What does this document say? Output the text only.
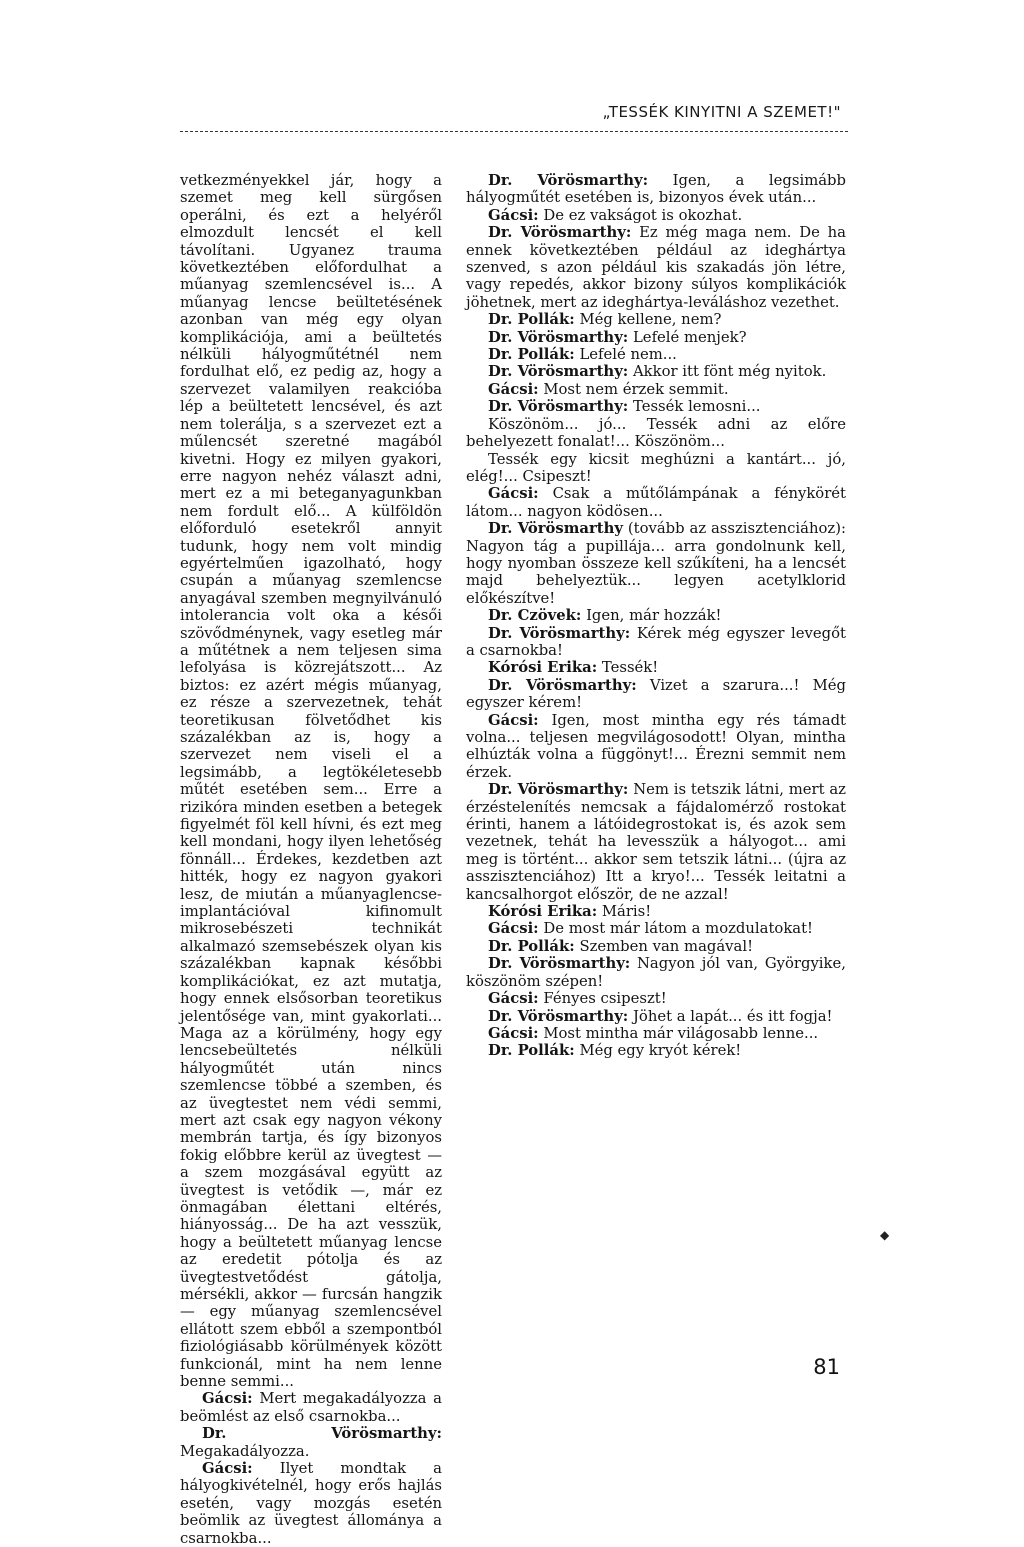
„TESSÉK KINYITNI A SZEMET!"

vetkezményekkel jár, hogy a szemet meg kell sürgősen operálni, és ezt a helyéről elmozdult lencsét el kell távolítani. Ugyanez trauma következtében előfordulhat a műanyag szemlencsével is... A műanyag lencse beültetésének azonban van még egy olyan komplikációja, ami a beültetés nélküli hályogműtétnél nem fordulhat elő, ez pedig az, hogy a szervezet valamilyen reakcióba lép a beültetett lencsével, és azt nem tolerálja, s a szervezet ezt a műlencsét szeretné magából kivetni. Hogy ez milyen gyakori, erre nagyon nehéz választ adni, mert ez a mi beteganyagunkban nem fordult elő... A külföldön előforduló esetekről annyit tudunk, hogy nem volt mindig egyértelműen igazolható, hogy csupán a műanyag szemlencse anyagával szemben megnyilvánuló intolerancia volt oka a késői szövődménynek, vagy esetleg már a műtétnek a nem teljesen sima lefolyása is közrejátszott... Az biztos: ez azért mégis műanyag, ez része a szervezetnek, tehát teoretikusan fölvetődhet kis százalékban az is, hogy a szervezet nem viseli el a legsimább, a legtökéletesebb műtét esetében sem... Erre a rizikóra minden esetben a betegek figyelmét föl kell hívni, és ezt meg kell mondani, hogy ilyen lehetőség fönnáll... Érdekes, kezdetben azt hitték, hogy ez nagyon gyakori lesz, de miután a műanyaglencse-implantációval kifinomult mikrosebészeti technikát alkalmazó szemsebészek olyan kis százalékban kapnak későbbi komplikációkat, ez azt mutatja, hogy ennek elsősorban teoretikus jelentősége van, mint gyakorlati... Maga az a körülmény, hogy egy lencsebeültetés nélküli hályogműtét után nincs szemlencse többé a szemben, és az üvegtestet nem védi semmi, mert azt csak egy nagyon vékony membrán tartja, és így bizonyos fokig előbbre kerül az üvegtest — a szem mozgásával együtt az üvegtest is vetődik —, már ez önmagában élettani eltérés, hiányosság... De ha azt vesszük, hogy a beültetett műanyag lencse az eredetit pótolja és az üvegtestvetődést gátolja, mérsékli, akkor — furcsán hangzik — egy műanyag szemlencsével ellátott szem ebből a szempontból fiziológiásabb körülmények között funkcionál, mint ha nem lenne benne semmi...

Gácsi: Mert megakadályozza a beömlést az első csarnokba...

Dr. Vörösmarthy: Megakadályozza.

Gácsi: Ilyet mondtak a hályogkivételnél, hogy erős hajlás esetén, vagy mozgás esetén beömlik az üvegtest állománya a csarnokba...

Dr. Vörösmarthy: Igen, a legsimább hályogműtét esetében is, bizonyos évek után...

Gácsi: De ez vakságot is okozhat.

Dr. Vörösmarthy: Ez még maga nem. De ha ennek következtében például az ideghártya szenved, s azon például kis szakadás jön létre, vagy repedés, akkor bizony súlyos komplikációk jöhetnek, mert az ideghártya-leváláshoz vezethet.

Dr. Pollák: Még kellene, nem?

Dr. Vörösmarthy: Lefelé menjek?

Dr. Pollák: Lefelé nem...

Dr. Vörösmarthy: Akkor itt fönt még nyitok.

Gácsi: Most nem érzek semmit.

Dr. Vörösmarthy: Tessék lemosni...

Köszönöm... jó... Tessék adni az előre behelyezett fonalat!... Köszönöm...

Tessék egy kicsit meghúzni a kantárt... jó, elég!... Csipeszt!

Gácsi: Csak a műtőlámpának a fénykörét látom... nagyon ködösen...

Dr. Vörösmarthy (tovább az asszisztenciához): Nagyon tág a pupillája... arra gondolnunk kell, hogy nyomban összeze kell szűkíteni, ha a lencsét majd behelyeztük... legyen acetylklorid előkészítve!

Dr. Czövek: Igen, már hozzák!

Dr. Vörösmarthy: Kérek még egyszer levegőt a csarnokba!

Kórósi Erika: Tessék!

Dr. Vörösmarthy: Vizet a szarura...! Még egyszer kérem!

Gácsi: Igen, most mintha egy rés támadt volna... teljesen megvilágosodott! Olyan, mintha elhúzták volna a függönyt!... Érezni semmit nem érzek.

Dr. Vörösmarthy: Nem is tetszik látni, mert az érzéstelenítés nemcsak a fájdalomérző rostokat érinti, hanem a látóidegrostokat is, és azok sem vezetnek, tehát ha levesszük a hályogot... ami meg is történt... akkor sem tetszik látni... (újra az asszisztenciához) Itt a kryo!... Tessék leitatni a kancsalhorgot először, de ne azzal!

Kórósi Erika: Máris!

Gácsi: De most már látom a mozdulatokat!

Dr. Pollák: Szemben van magával!

Dr. Vörösmarthy: Nagyon jól van, Györgyike, köszönöm szépen!

Gácsi: Fényes csipeszt!

Dr. Vörösmarthy: Jöhet a lapát... és itt fogja!

Gácsi: Most mintha már világosabb lenne...

Dr. Pollák: Még egy kryót kérek!

81
◆
